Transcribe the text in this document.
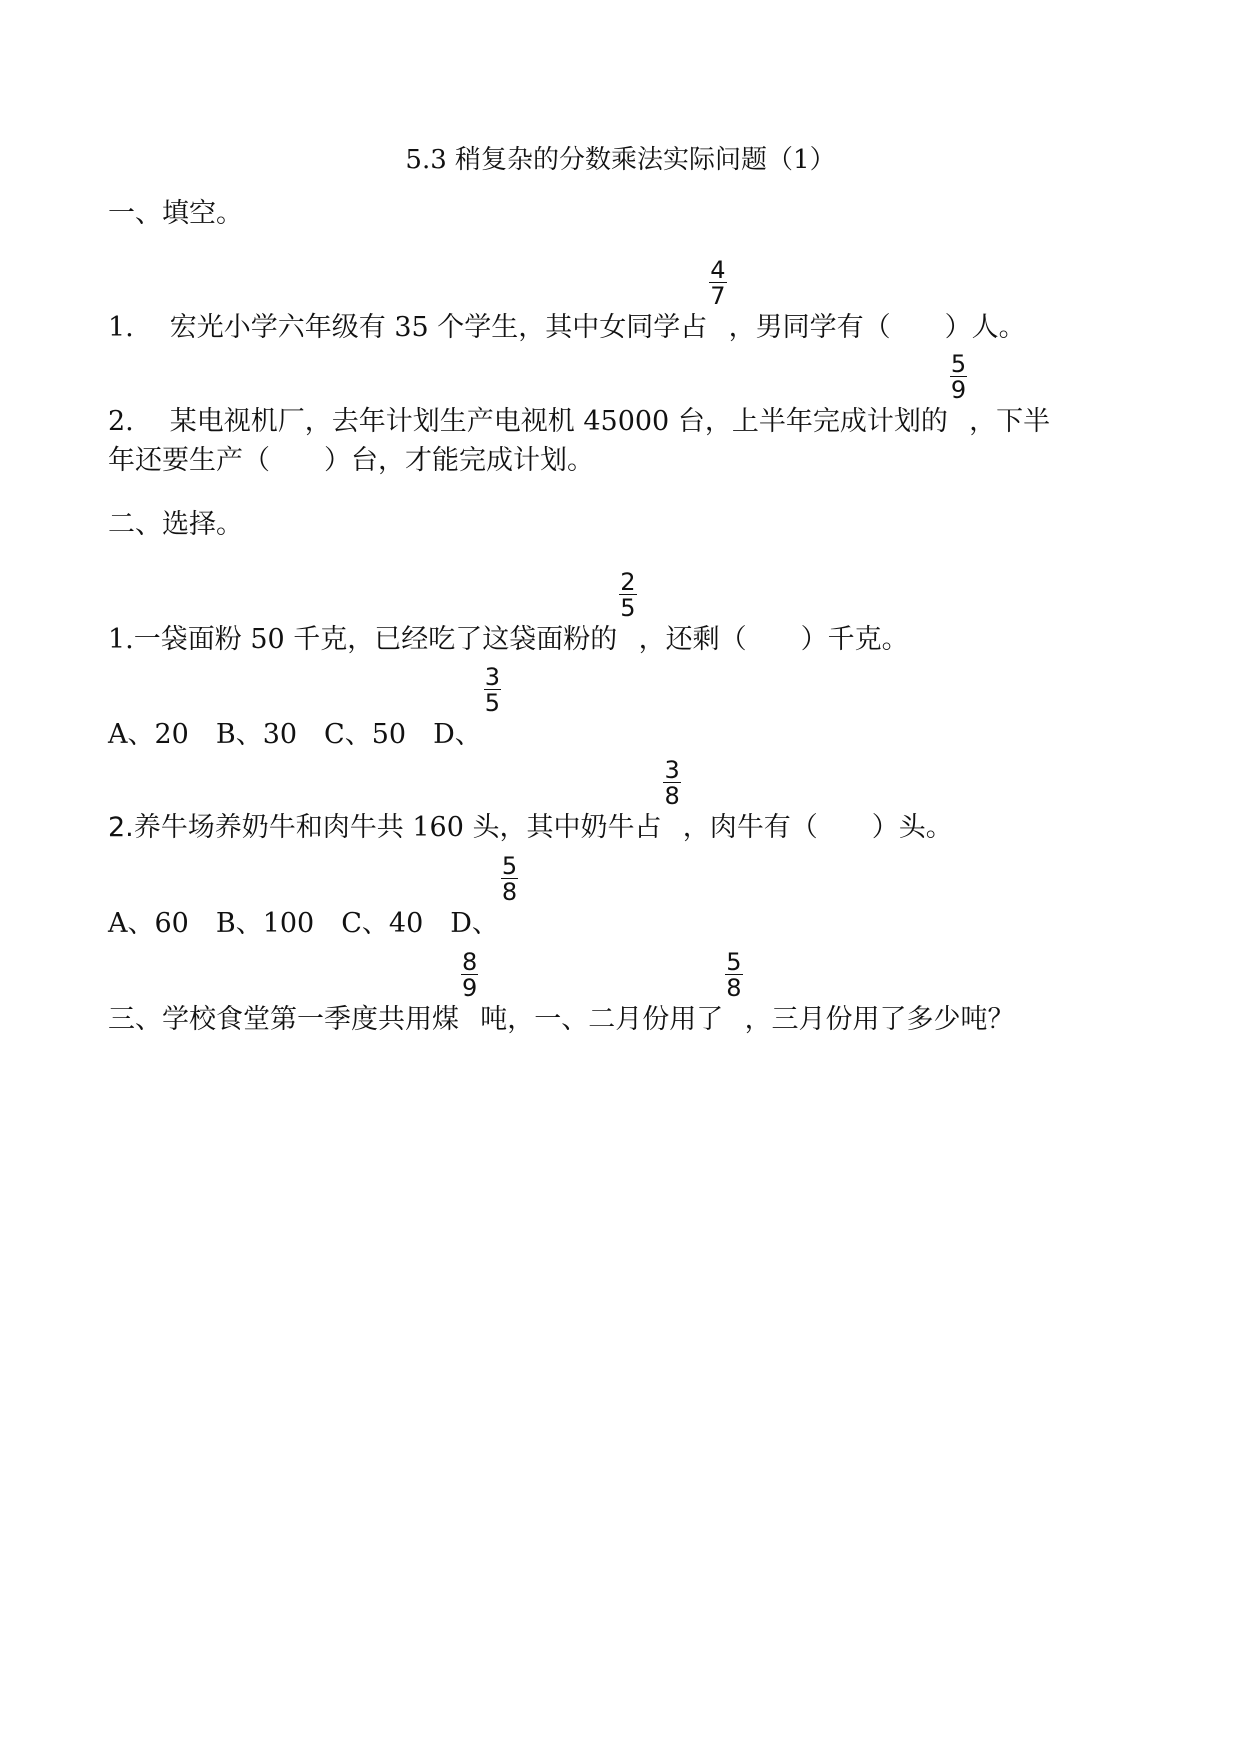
5.3 稍复杂的分数乘法实际问题（1）
一、填空。
1. 宏光小学六年级有 35 个学生，其中女同学占
$\frac{4}{7}$
，男同学有（　　）人。
2. 某电视机厂，去年计划生产电视机 45000 台，上半年完成计划的
$\frac{5}{9}$
，下半
年还要生产（　　）台，才能完成计划。
二、选择。
1.一袋面粉 50 千克，已经吃了这袋面粉的
$\frac{2}{5}$
，还剩（　　）千克。
A、20　B、30　C、50　D、
$\frac{3}{5}$
2.养牛场养奶牛和肉牛共 160 头，其中奶牛占
$\frac{3}{8}$
，肉牛有（　　）头。
A、60　B、100　C、40　D、
$\frac{5}{8}$
三、学校食堂第一季度共用煤
$\frac{8}{9}$
吨，一、二月份用了
$\frac{5}{8}$
，三月份用了多少吨？
